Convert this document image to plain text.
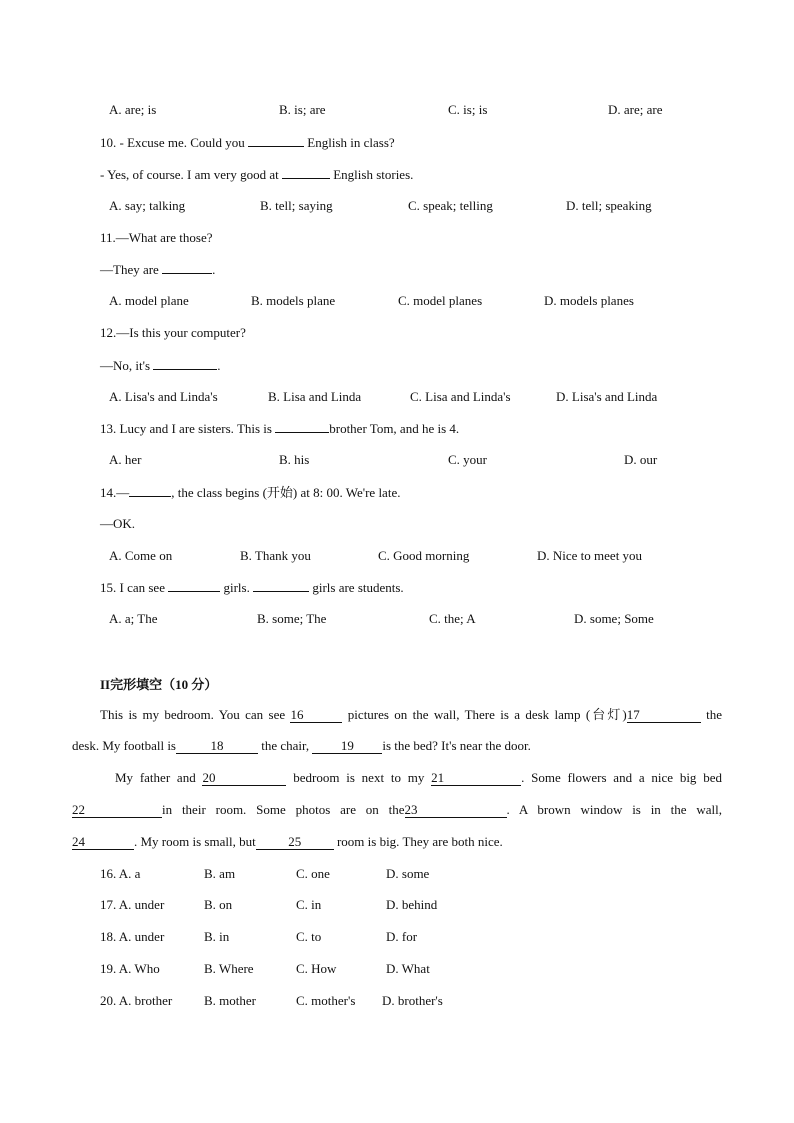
A. are; is	B. is; are	C. is; is	D. are; are
10. - Excuse me. Could you	English in class?
- Yes, of course. I am very good at	English stories.
A. say; talking	B. tell; saying	C. speak; telling	D. tell; speaking
11.—What are those?
—They are	.
A. model plane	B. models plane	C. model planes	D. models planes
12.—Is this your computer?
—No, it's	.
A. Lisa's and Linda's	B. Lisa and Linda	C. Lisa and Linda's	D. Lisa's and Linda
13. Lucy and I are sisters. This is	brother Tom, and he is 4.
A. her	B. his	C. your	D. our
14.—	, the class begins (开始) at 8: 00. We're late.
—OK.
A. Come on	B. Thank you	C. Good morning	D. Nice to meet you
15. I can see	girls.	girls are students.
A. a; The	B. some; The	C. the; A	D. some; Some
II完形填空（10 分）
This is my bedroom. You can see 16	pictures on the wall, There is a desk lamp (台灯)17	the
desk. My football is	18	the chair, 19 is the bed? It's near the door.
My father and 20	bedroom is next to my 21	. Some flowers and a nice big bed
22	in their room. Some photos are on the23	. A brown window is in the wall,
24	. My room is small, but	25	room is big. They are both nice.
16. A. a	B. am	C. one	D. some
17. A. under	B. on	C. in	D. behind
18. A. under	B. in	C. to	D. for
19. A. Who	B. Where	C. How	D. What
20. A. brother B. mother	C. mother's D. brother's
